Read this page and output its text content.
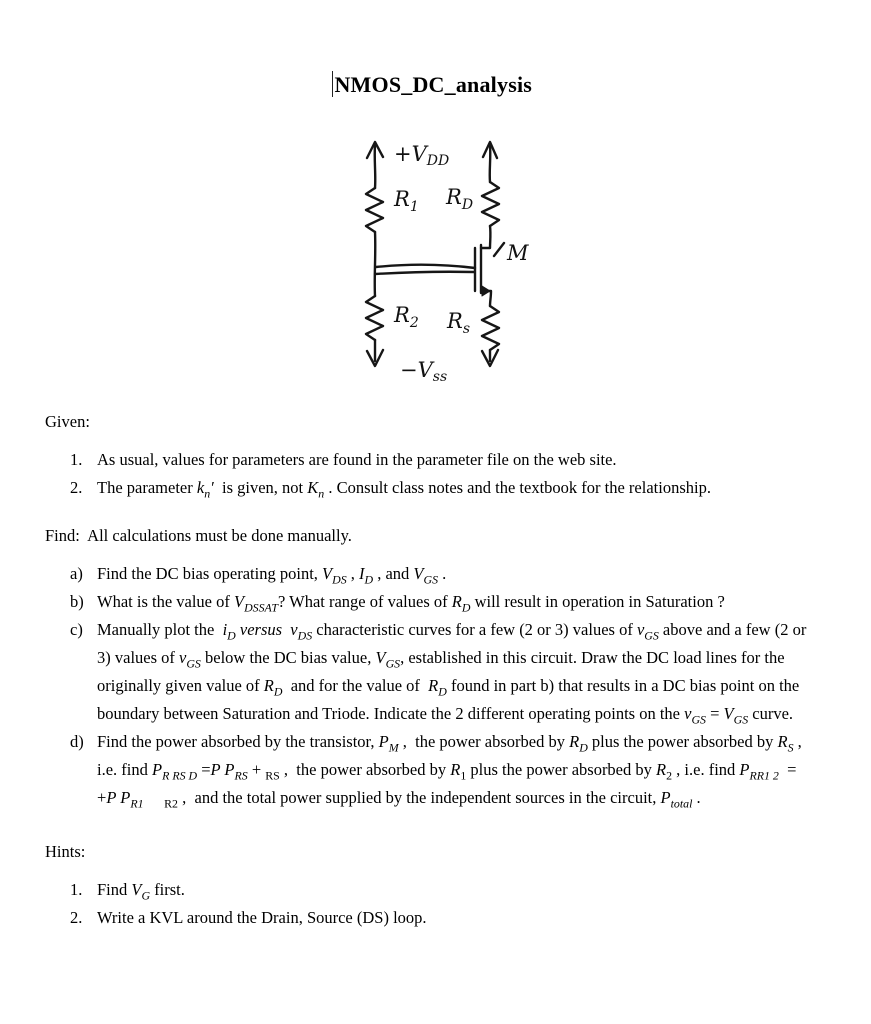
NMOS_DC_analysis
+VDD
$R_1$ $R_D$
M
$R_2$ $R_s$
−Vss

Given:

1. As usual, values for parameters are found in the parameter file on the web site.
2. The parameter $k_n'$  is given, not $K_n$ . Consult class notes and the textbook for the relationship.

Find:  All calculations must be done manually.

a) Find the DC bias operating point, $V_{DS}$ , $I_D$ , and $V_{GS}$ .
b) What is the value of $V_{DSSAT}$? What range of values of $R_D$ will result in operation in Saturation ?
c) Manually plot the  $i_D$ versus $v_{DS}$ characteristic curves for a few (2 or 3) values of $v_{GS}$ above and a few (2 or 3) values of $v_{GS}$ below the DC bias value, $V_{GS}$, established in this circuit. Draw the DC load lines for the originally given value of $R_D$  and for the value of  $R_D$ found in part b) that results in a DC bias point on the boundary between Saturation and Triode. Indicate the 2 different operating points on the $v_{GS} = V_{GS}$ curve.
d) Find the power absorbed by the transistor, $P_M$ ,  the power absorbed by $R_D$ plus the power absorbed by $R_S$ , i.e. find $P_{R RS D} =P$ $P_{RS} + _{RS}$ ,  the power absorbed by $R_1$ plus the power absorbed by $R_2$ , i.e. find $P_{RR1 2} = +P$ $P_{R1}$ $_{R2}$ ,  and the total power supplied by the independent sources in the circuit, $P_{total}$ .

Hints:

1. Find $V_G$ first.
2. Write a KVL around the Drain, Source (DS) loop.
